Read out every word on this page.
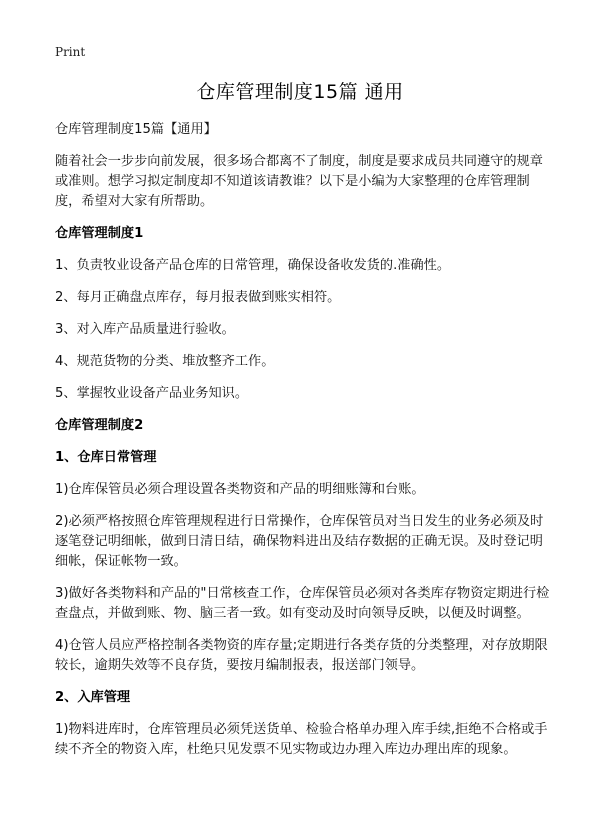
Print
仓库管理制度15篇 通用

仓库管理制度15篇【通用】

随着社会一步步向前发展，很多场合都离不了制度，制度是要求成员共同遵守的规章或准则。想学习拟定制度却不知道该请教谁？以下是小编为大家整理的仓库管理制度，希望对大家有所帮助。

仓库管理制度1

1、负责牧业设备产品仓库的日常管理，确保设备收发货的.准确性。

2、每月正确盘点库存，每月报表做到账实相符。

3、对入库产品质量进行验收。

4、规范货物的分类、堆放整齐工作。

5、掌握牧业设备产品业务知识。

仓库管理制度2

1、仓库日常管理

1)仓库保管员必须合理设置各类物资和产品的明细账簿和台账。

2)必须严格按照仓库管理规程进行日常操作，仓库保管员对当日发生的业务必须及时逐笔登记明细帐，做到日清日结，确保物料进出及结存数据的正确无误。及时登记明细帐，保证帐物一致。

3)做好各类物料和产品的"日常核查工作，仓库保管员必须对各类库存物资定期进行检查盘点，并做到账、物、脑三者一致。如有变动及时向领导反映，以便及时调整。

4)仓管人员应严格控制各类物资的库存量;定期进行各类存货的分类整理，对存放期限较长，逾期失效等不良存货，要按月编制报表，报送部门领导。

2、入库管理

1)物料进库时，仓库管理员必须凭送货单、检验合格单办理入库手续,拒绝不合格或手续不齐全的物资入库，杜绝只见发票不见实物或边办理入库边办理出库的现象。
